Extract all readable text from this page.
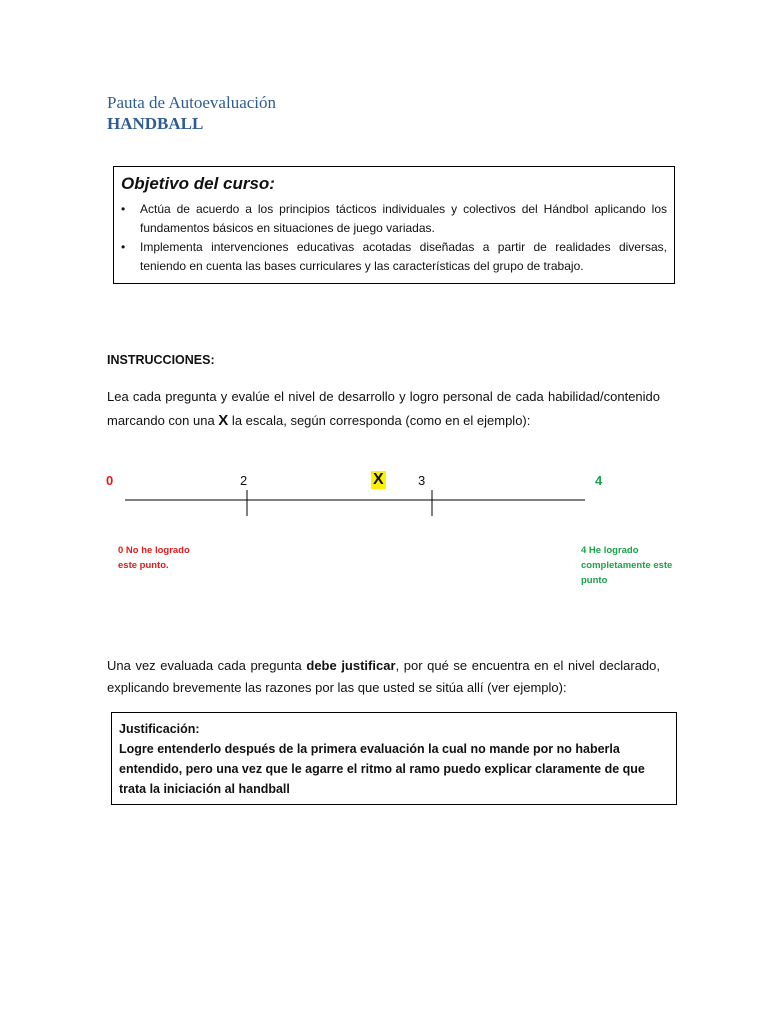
Pauta de Autoevaluación
HANDBALL
Objetivo del curso:
• Actúa de acuerdo a los principios tácticos individuales y colectivos del Hándbol aplicando los fundamentos básicos en situaciones de juego variadas.
• Implementa intervenciones educativas acotadas diseñadas a partir de realidades diversas, teniendo en cuenta las bases curriculares y las características del grupo de trabajo.
INSTRUCCIONES:
Lea cada pregunta y evalúe el nivel de desarrollo y logro personal de cada habilidad/contenido marcando con una X la escala, según corresponda (como en el ejemplo):
0	2	X	3	4
0 No he logrado
este punto.
4 He logrado
completamente este
punto
Una vez evaluada cada pregunta debe justificar, por qué se encuentra en el nivel declarado, explicando brevemente las razones por las que usted se sitúa allí (ver ejemplo):
Justificación:
Logre entenderlo después de la primera evaluación la cual no mande por no haberla entendido, pero una vez que le agarre el ritmo al ramo puedo explicar claramente de que trata la iniciación al handball
